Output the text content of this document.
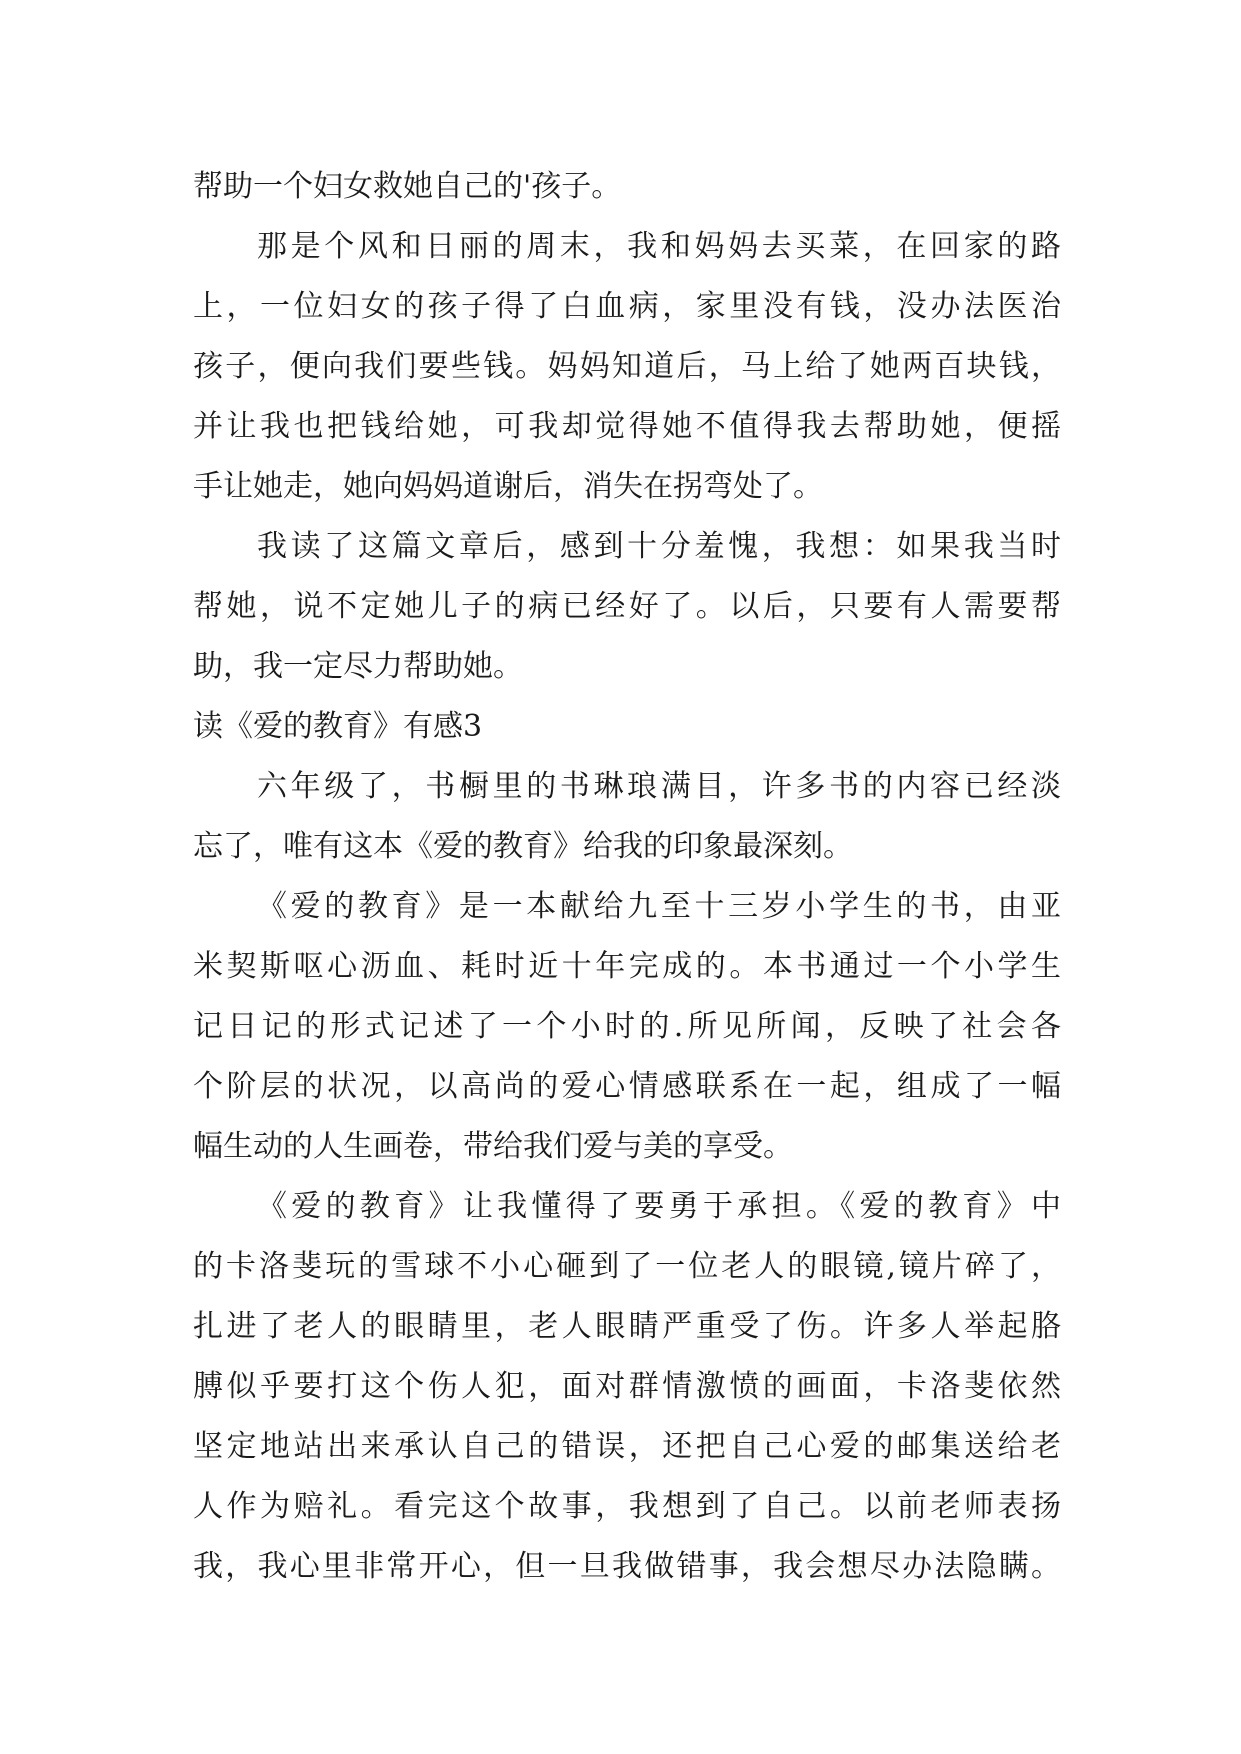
帮助一个妇女救她自己的'孩子。
那是个风和日丽的周末，我和妈妈去买菜，在回家的路
上，一位妇女的孩子得了白血病，家里没有钱，没办法医治
孩子，便向我们要些钱。妈妈知道后，马上给了她两百块钱，
并让我也把钱给她，可我却觉得她不值得我去帮助她，便摇
手让她走，她向妈妈道谢后，消失在拐弯处了。
我读了这篇文章后，感到十分羞愧，我想：如果我当时
帮她，说不定她儿子的病已经好了。以后，只要有人需要帮
助，我一定尽力帮助她。
读《爱的教育》有感3
六年级了，书橱里的书琳琅满目，许多书的内容已经淡
忘了，唯有这本《爱的教育》给我的印象最深刻。
《爱的教育》是一本献给九至十三岁小学生的书，由亚
米契斯呕心沥血、耗时近十年完成的。本书通过一个小学生
记日记的形式记述了一个小时的.所见所闻，反映了社会各
个阶层的状况，以高尚的爱心情感联系在一起，组成了一幅
幅生动的人生画卷，带给我们爱与美的享受。
《爱的教育》让我懂得了要勇于承担。《爱的教育》中
的卡洛斐玩的雪球不小心砸到了一位老人的眼镜,镜片碎了，
扎进了老人的眼睛里，老人眼睛严重受了伤。许多人举起胳
膊似乎要打这个伤人犯，面对群情激愤的画面，卡洛斐依然
坚定地站出来承认自己的错误，还把自己心爱的邮集送给老
人作为赔礼。看完这个故事，我想到了自己。以前老师表扬
我，我心里非常开心，但一旦我做错事，我会想尽办法隐瞒。
